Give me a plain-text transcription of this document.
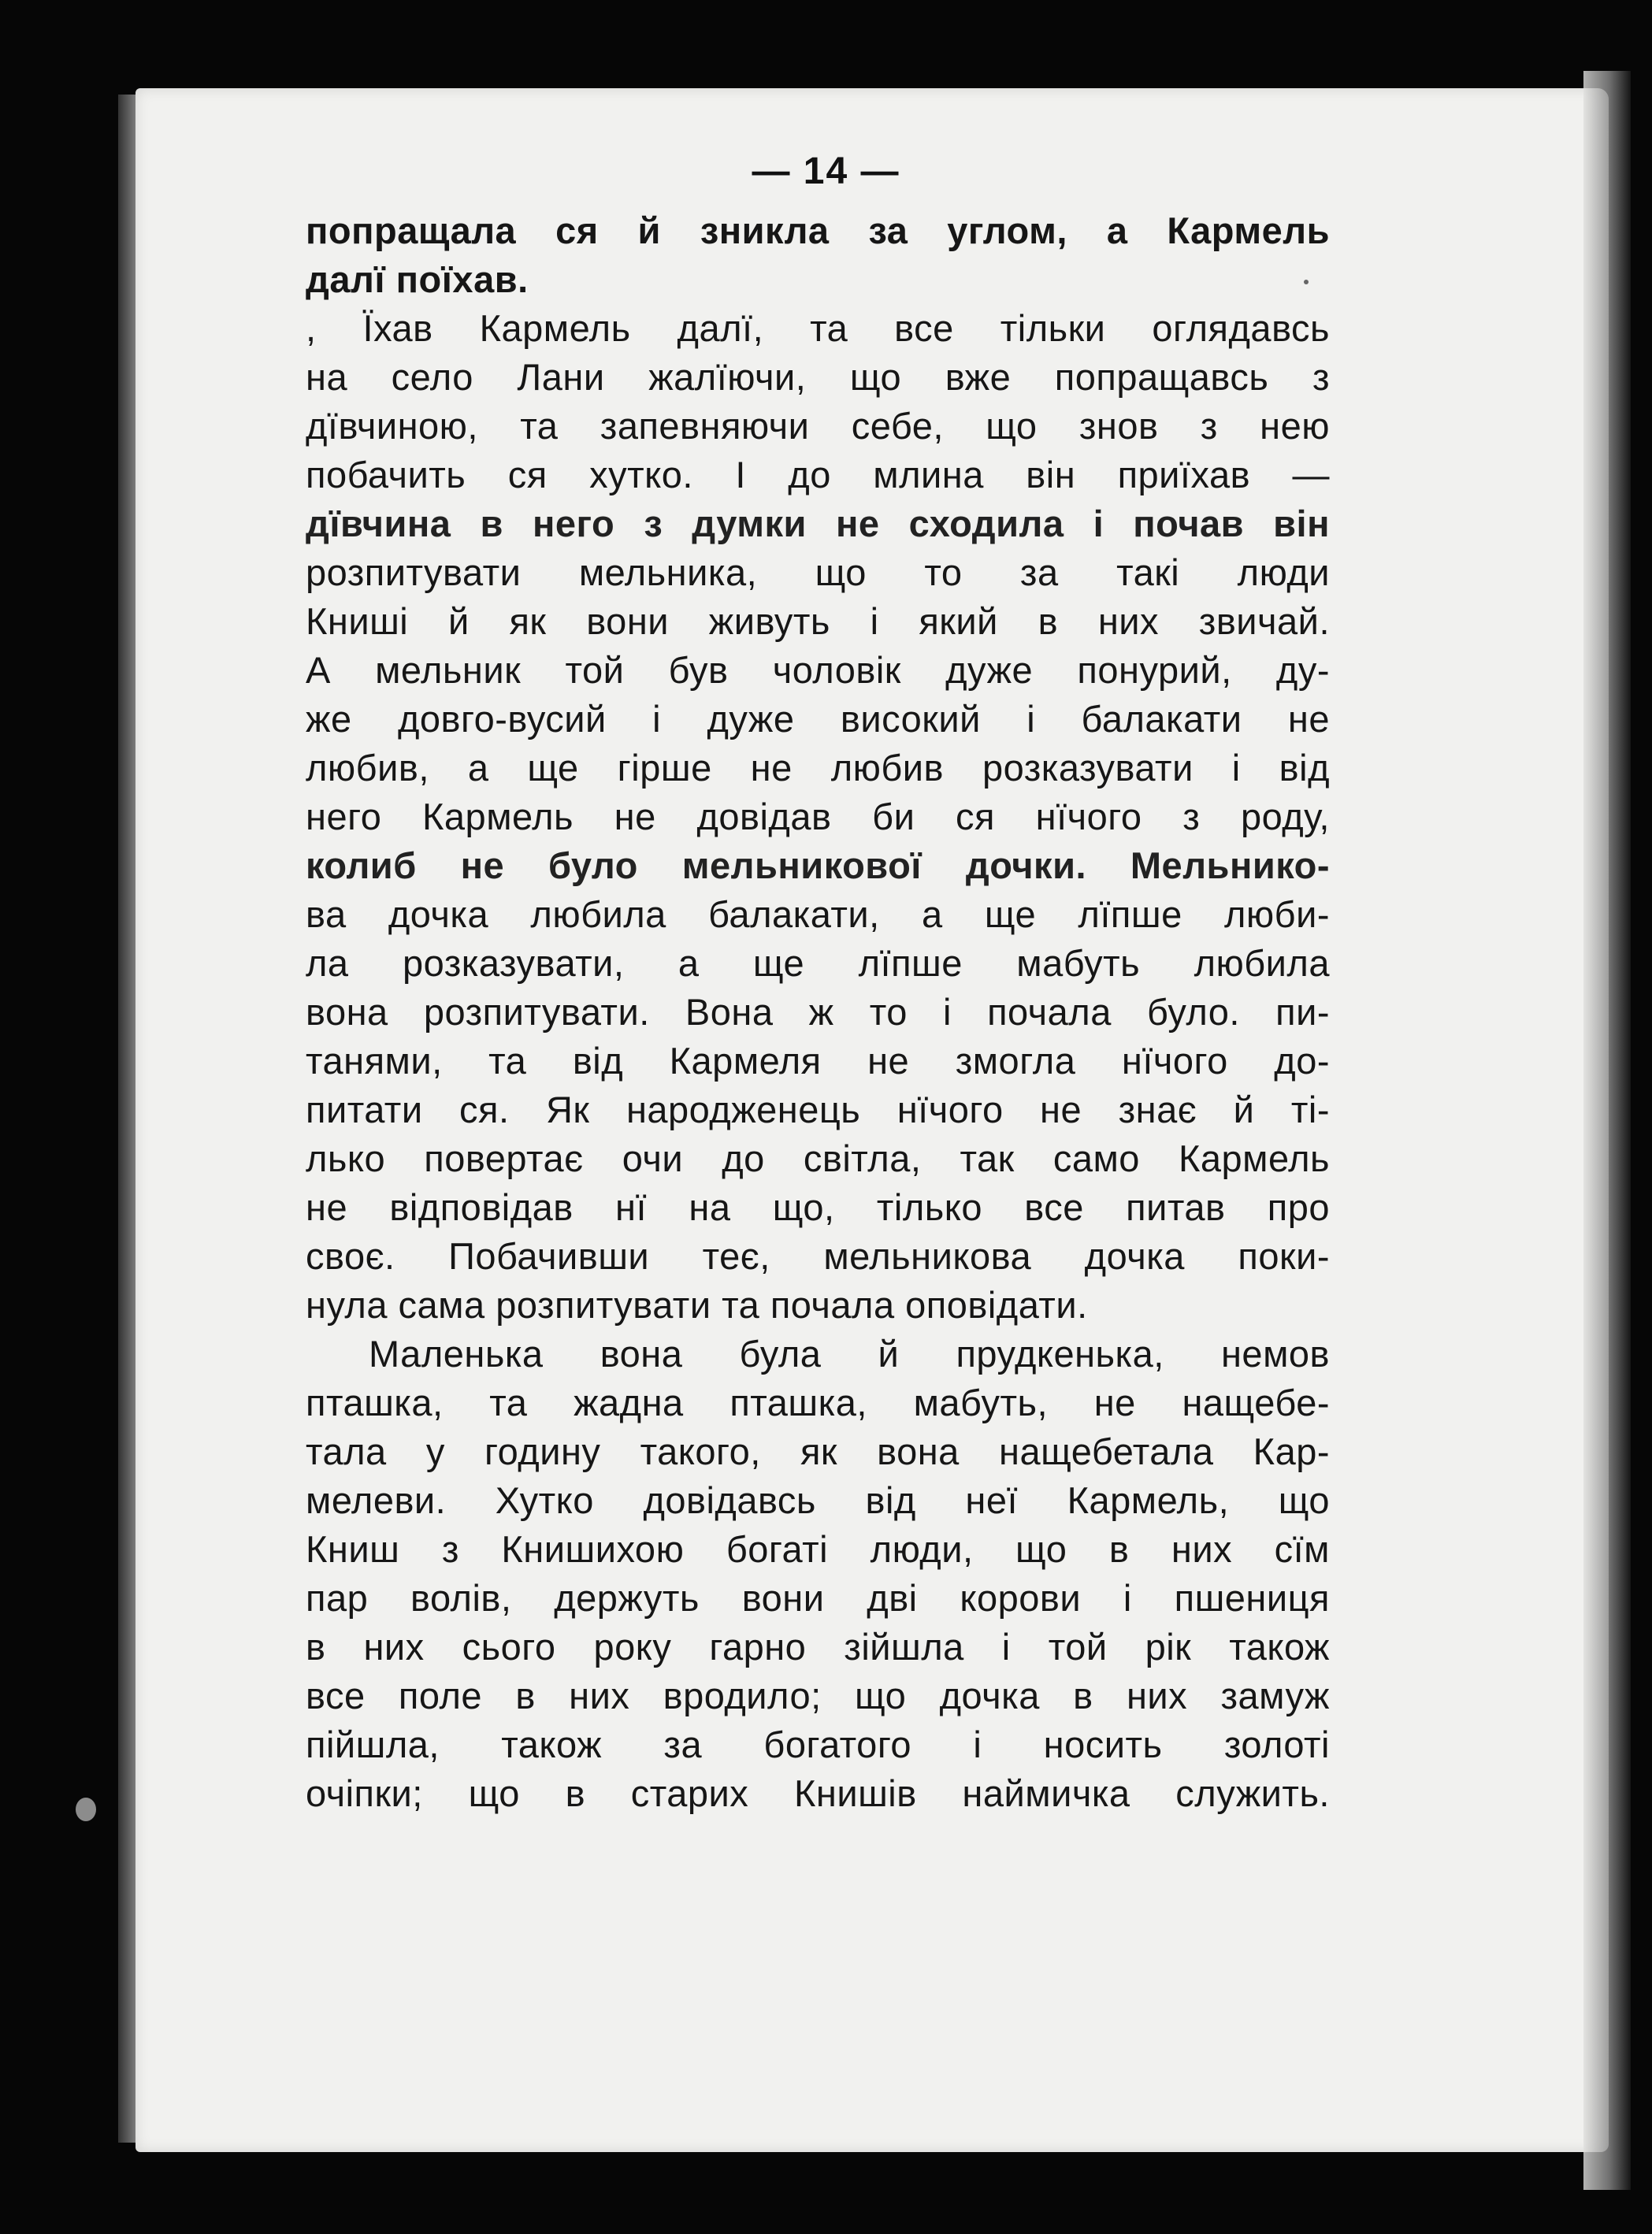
— 14 —
попращала ся й зникла за углом, а Кармель
далї поїхав.
, Їхав Кармель далї, та все тільки оглядавсь
на село Лани жалїючи, що вже попращавсь з
дївчиною, та запевняючи себе, що знов з нею
побачить ся хутко. І до млина він приїхав —
дївчина в него з думки не сходила і почав він
розпитувати мельника, що то за такі люди
Книші й як вони живуть і який в них звичай.
А мельник той був чоловік дуже понурий, ду-
же довго-вусий і дуже високий і балакати не
любив, а ще гірше не любив розказувати і від
него Кармель не довідав би ся нїчого з роду,
колиб не було мельникової дочки. Мельнико-
ва дочка любила балакати, а ще лїпше люби-
ла розказувати, а ще лїпше мабуть любила
вона розпитувати. Вона ж то і почала було. пи-
танями, та від Кармеля не змогла нїчого до-
питати ся. Як народженець нїчого не знає й ті-
лько повертає очи до світла, так само Кармель
не відповідав нї на що, тілько все питав про
своє. Побачивши теє, мельникова дочка поки-
нула сама розпитувати та почала оповідати.
Маленька вона була й прудкенька, немов
пташка, та жадна пташка, мабуть, не нащебе-
тала у годину такого, як вона нащебетала Кар-
мелеви. Хутко довідавсь від неї Кармель, що
Книш з Книшихою богаті люди, що в них сїм
пар волів, держуть вони дві корови і пшениця
в них сього року гарно зійшла і той рік також
все поле в них вродило; що дочка в них замуж
пійшла, також за богатого і носить золоті
очіпки; що в старих Книшів наймичка служить.
